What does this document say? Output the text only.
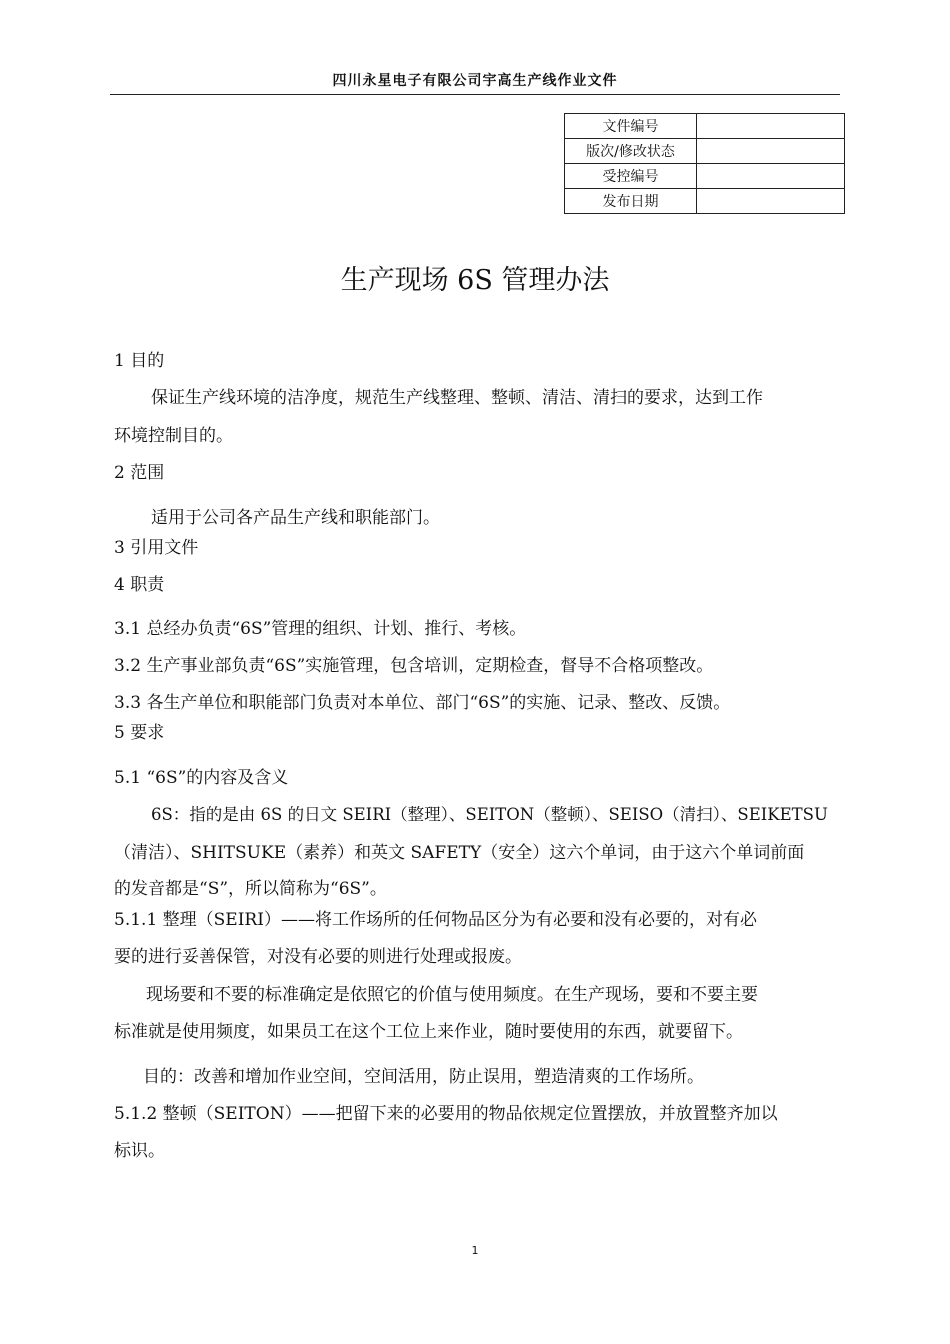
四川永星电子有限公司宇高生产线作业文件
文件编号	
版次/修改状态	
受控编号	
发布日期	
生产现场 6S 管理办法
1 目的
保证生产线环境的洁净度，规范生产线整理、整顿、清洁、清扫的要求，达到工作
环境控制目的。
2 范围
适用于公司各产品生产线和职能部门。
3 引用文件
4 职责
3.1 总经办负责“6S”管理的组织、计划、推行、考核。
3.2 生产事业部负责“6S”实施管理，包含培训，定期检查，督导不合格项整改。
3.3 各生产单位和职能部门负责对本单位、部门“6S”的实施、记录、整改、反馈。
5 要求
5.1 “6S”的内容及含义
6S：指的是由 6S 的日文 SEIRI（整理）、SEITON（整顿）、SEISO（清扫）、SEIKETSU
（清洁）、SHITSUKE（素养）和英文 SAFETY（安全）这六个单词，由于这六个单词前面
的发音都是“S”，所以简称为“6S”。
5.1.1 整理（SEIRI）——将工作场所的任何物品区分为有必要和没有必要的，对有必
要的进行妥善保管，对没有必要的则进行处理或报废。
现场要和不要的标准确定是依照它的价值与使用频度。在生产现场，要和不要主要
标准就是使用频度，如果员工在这个工位上来作业，随时要使用的东西，就要留下。
目的：改善和增加作业空间，空间活用，防止误用，塑造清爽的工作场所。
5.1.2 整顿（SEITON）——把留下来的必要用的物品依规定位置摆放，并放置整齐加以
标识。
1
